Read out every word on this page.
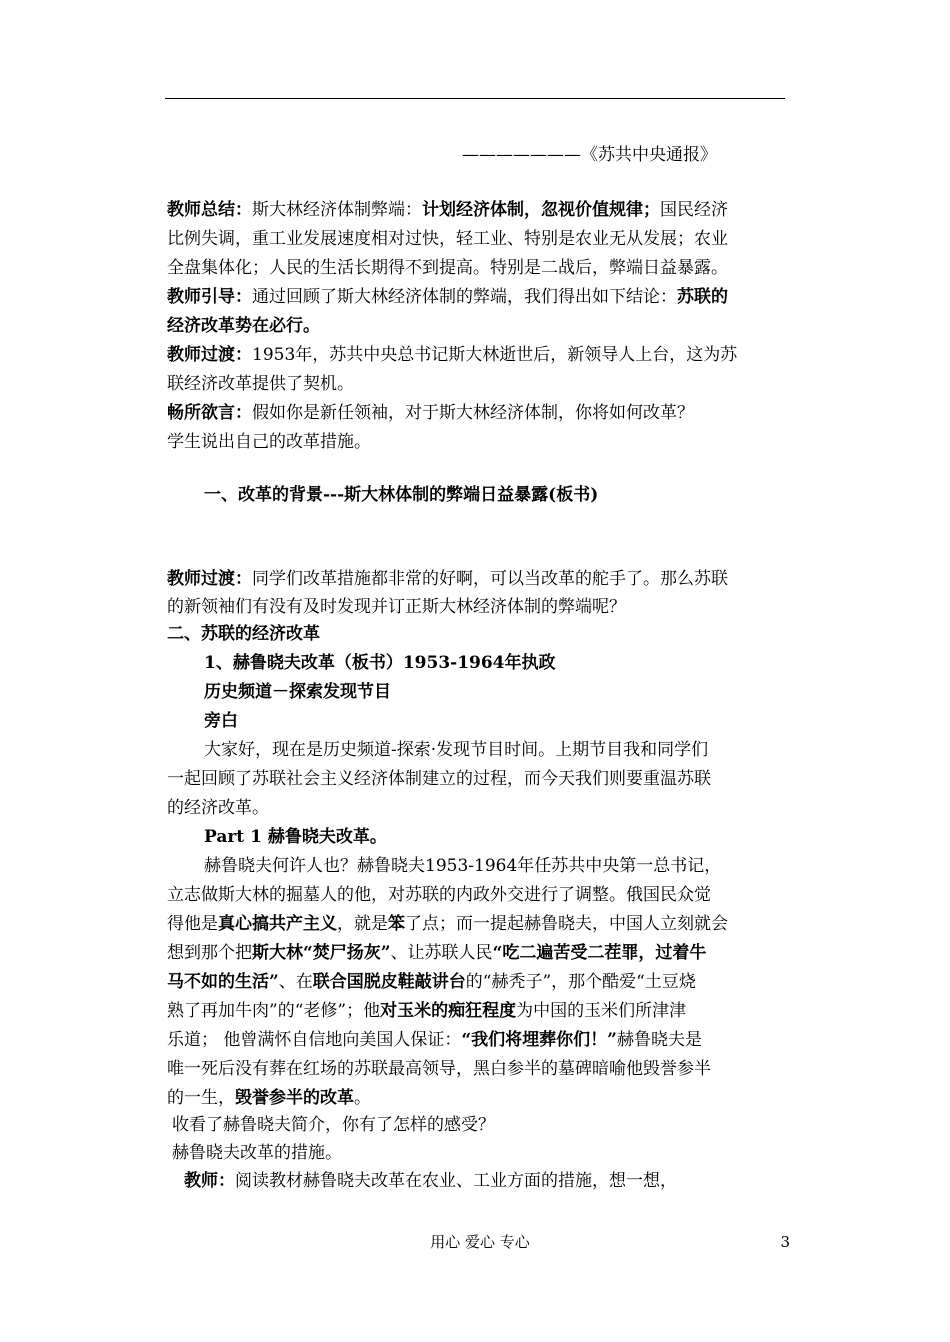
———————《苏共中央通报》
教师总结：斯大林经济体制弊端：计划经济体制，忽视价值规律；国民经济
比例失调，重工业发展速度相对过快，轻工业、特别是农业无从发展；农业
全盘集体化；人民的生活长期得不到提高。特别是二战后，弊端日益暴露。
教师引导：通过回顾了斯大林经济体制的弊端，我们得出如下结论：苏联的
经济改革势在必行。
教师过渡：1953年，苏共中央总书记斯大林逝世后，新领导人上台，这为苏
联经济改革提供了契机。
畅所欲言：假如你是新任领袖，对于斯大林经济体制，你将如何改革？
学生说出自己的改革措施。
一、改革的背景---斯大林体制的弊端日益暴露(板书)
教师过渡：同学们改革措施都非常的好啊，可以当改革的舵手了。那么苏联
的新领袖们有没有及时发现并订正斯大林经济体制的弊端呢？
二、苏联的经济改革
1、赫鲁晓夫改革（板书）1953-1964年执政
历史频道－探索发现节目
旁白
大家好，现在是历史频道-探索·发现节目时间。上期节目我和同学们
一起回顾了苏联社会主义经济体制建立的过程，而今天我们则要重温苏联
的经济改革。
Part 1 赫鲁晓夫改革。
赫鲁晓夫何许人也？赫鲁晓夫1953-1964年任苏共中央第一总书记，
立志做斯大林的掘墓人的他，对苏联的内政外交进行了调整。俄国民众觉
得他是真心搞共产主义，就是笨了点；而一提起赫鲁晓夫，中国人立刻就会
想到那个把斯大林“焚尸扬灰”、让苏联人民“吃二遍苦受二茬罪，过着牛
马不如的生活”、在联合国脱皮鞋敲讲台的“赫秃子”，那个酷爱“土豆烧
熟了再加牛肉”的“老修”；他对玉米的痴狂程度为中国的玉米们所津津
乐道； 他曾满怀自信地向美国人保证：“我们将埋葬你们！”赫鲁晓夫是
唯一死后没有葬在红场的苏联最高领导，黑白参半的墓碑暗喻他毁誉参半
的一生，毁誉参半的改革。
收看了赫鲁晓夫简介，你有了怎样的感受？
赫鲁晓夫改革的措施。
教师：阅读教材赫鲁晓夫改革在农业、工业方面的措施，想一想，
用心 爱心 专心	3
